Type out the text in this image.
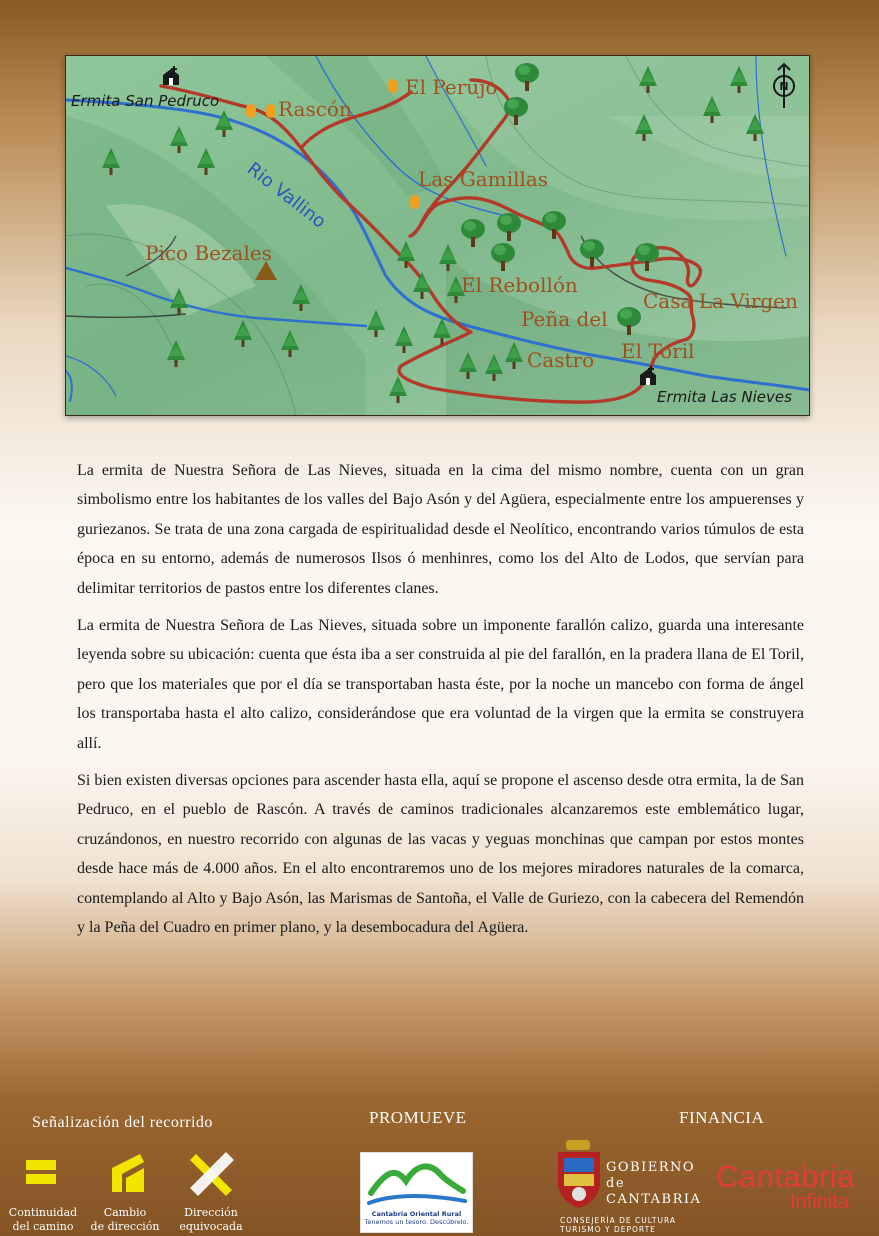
N
Ermita San Pedruco	Rascón
El Perujo
Rio Vallino	Las Gamillas
Pico Bezales
El Rebollón
Casa La Virgen
Peña del
Castro El Toril
Ermita Las Nieves

La ermita de Nuestra Señora de Las Nieves, situada en la cima del mismo nombre, cuenta con un gran simbolismo entre los habitantes de los valles del Bajo Asón y del Agüera, especialmente entre los ampuerenses y guriezanos. Se trata de una zona cargada de espiritualidad desde el Neolítico, encontrando varios túmulos de esta época en su entorno, además de numerosos Ilsos ó menhinres, como los del Alto de Lodos, que servían para delimitar territorios de pastos entre los diferentes clanes.

La ermita de Nuestra Señora de Las Nieves, situada sobre un imponente farallón calizo, guarda una interesante leyenda sobre su ubicación: cuenta que ésta iba a ser construida al pie del farallón, en la pradera llana de El Toril, pero que los materiales que por el día se transportaban hasta éste, por la noche un mancebo con forma de ángel los transportaba hasta el alto calizo, considerándose que era voluntad de la virgen que la ermita se construyera allí.

Si bien existen diversas opciones para ascender hasta ella, aquí se propone el ascenso desde otra ermita, la de San Pedruco, en el pueblo de Rascón. A través de caminos tradicionales alcanzaremos este emblemático lugar, cruzándonos, en nuestro recorrido con algunas de las vacas y yeguas monchinas que campan por estos montes desde hace más de 4.000 años. En el alto encontraremos uno de los mejores miradores naturales de la comarca, contemplando al Alto y Bajo Asón, las Marismas de Santoña, el Valle de Guriezo, con la cabecera del Remendón y la Peña del Cuadro en primer plano, y la desembocadura del Agüera.

Señalización del recorrido
Continuidad
del camino
Cambio
de dirección
Dirección
equivocada
PROMUEVE
Cantabria Oriental Rural
Tenemos un tesoro. Descúbrelo.
FINANCIA
GOBIERNO
de
CANTABRIA
CONSEJERÍA DE CULTURA
TURISMO Y DEPORTE
Cantabria
Infinita
